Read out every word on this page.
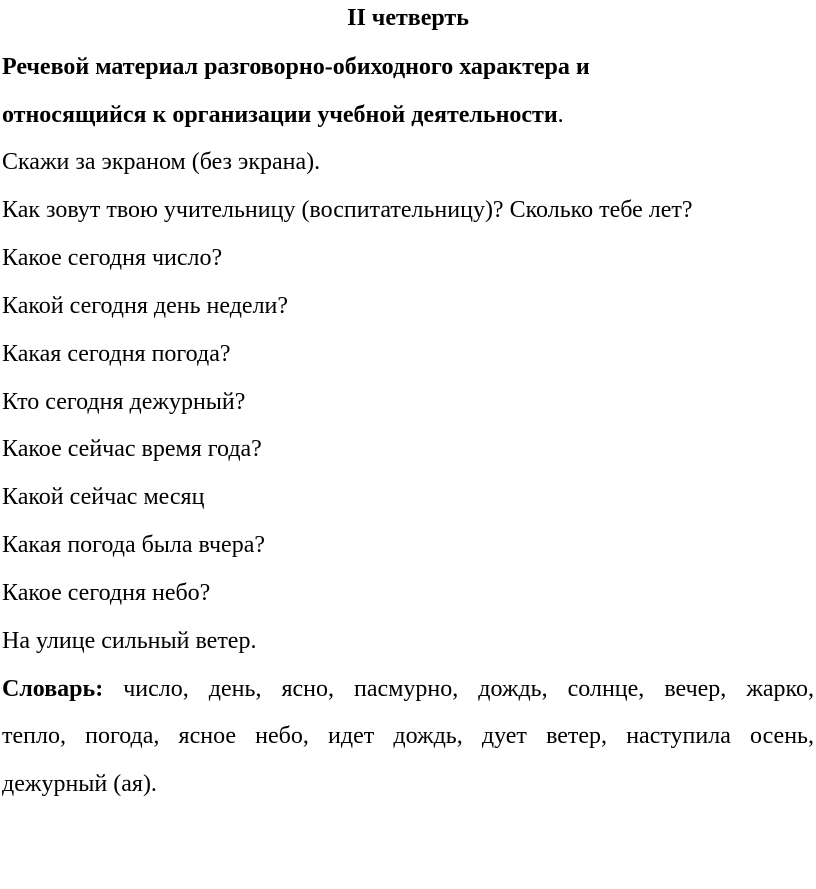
II четверть
Речевой материал разговорно-обиходного характера и
относящийся к организации учебной деятельности.
Скажи за экраном (без экрана).
Как зовут твою учительницу (воспитательницу)? Сколько тебе лет?
Какое сегодня число?
Какой сегодня день недели?
Какая сегодня погода?
Кто сегодня дежурный?
Какое сейчас время года?
Какой сейчас месяц
Какая погода была вчера?
Какое сегодня небо?
На улице сильный ветер.
Словарь: число, день, ясно, пасмурно, дождь, солнце, вечер, жарко,
тепло, погода, ясное небо, идет дождь, дует ветер, наступила осень,
дежурный (ая).
